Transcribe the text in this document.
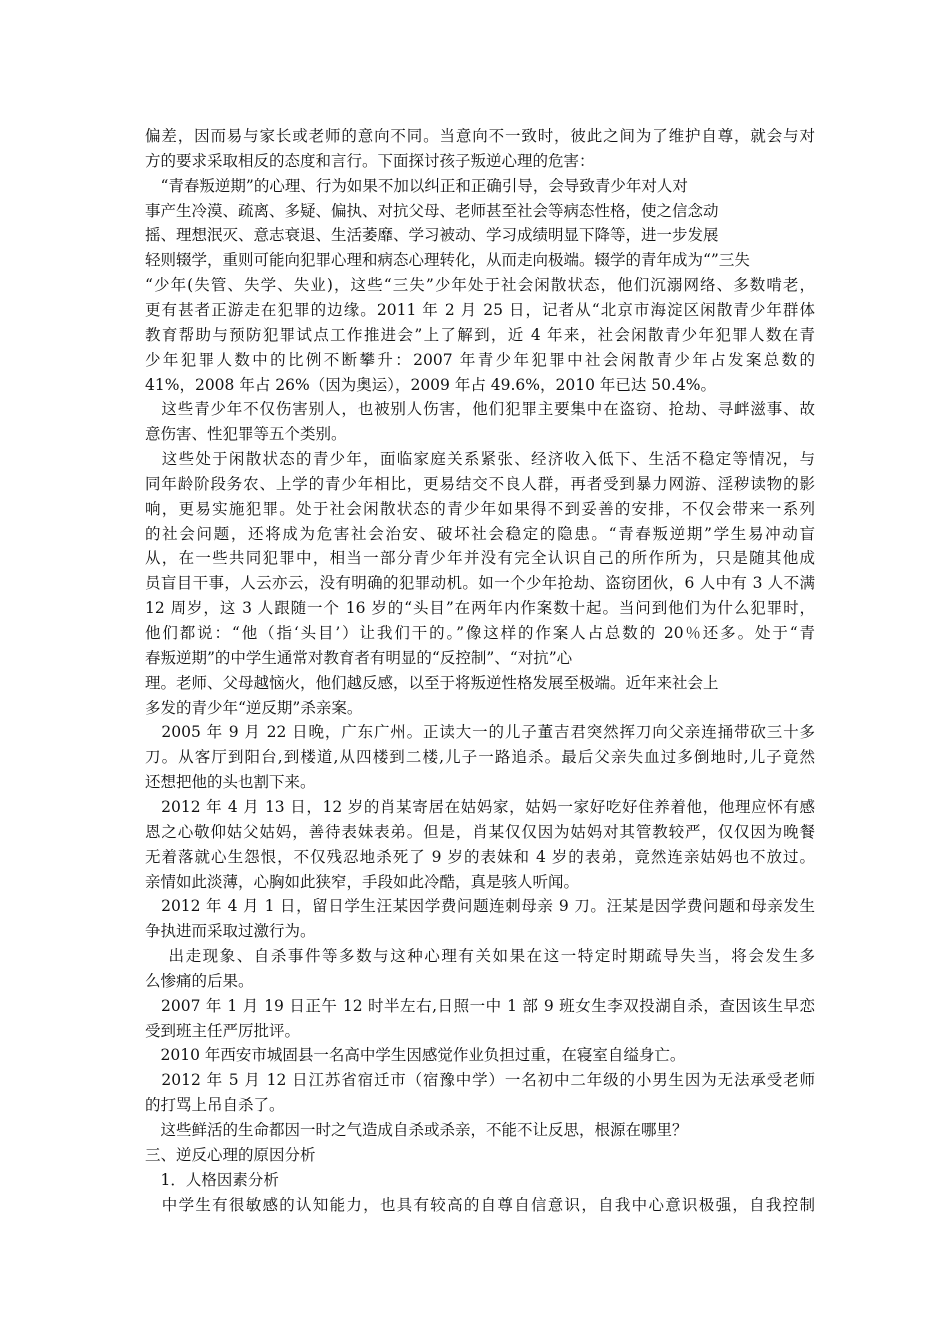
偏差，因而易与家长或老师的意向不同。当意向不一致时，彼此之间为了维护自尊，就会与对
方的要求采取相反的态度和言行。下面探讨孩子叛逆心理的危害：
　“青春叛逆期”的心理、行为如果不加以纠正和正确引导，会导致青少年对人对
事产生冷漠、疏离、多疑、偏执、对抗父母、老师甚至社会等病态性格，使之信念动
摇、理想泯灭、意志衰退、生活萎靡、学习被动、学习成绩明显下降等，进一步发展
轻则辍学，重则可能向犯罪心理和病态心理转化，从而走向极端。辍学的青年成为“”三失
“少年(失管、失学、失业)，这些“三失”少年处于社会闲散状态，他们沉溺网络、多数啃老，
更有甚者正游走在犯罪的边缘。2011 年 2 月 25 日，记者从“北京市海淀区闲散青少年群体
教育帮助与预防犯罪试点工作推进会”上了解到，近 4 年来，社会闲散青少年犯罪人数在青
少年犯罪人数中的比例不断攀升：2007 年青少年犯罪中社会闲散青少年占发案总数的
41%，2008 年占 26%（因为奥运），2009 年占 49.6%，2010 年已达 50.4%。
　这些青少年不仅伤害别人，也被别人伤害，他们犯罪主要集中在盗窃、抢劫、寻衅滋事、故
意伤害、性犯罪等五个类别。
　这些处于闲散状态的青少年，面临家庭关系紧张、经济收入低下、生活不稳定等情况，与
同年龄阶段务农、上学的青少年相比，更易结交不良人群，再者受到暴力网游、淫秽读物的影
响，更易实施犯罪。处于社会闲散状态的青少年如果得不到妥善的安排，不仅会带来一系列
的社会问题，还将成为危害社会治安、破坏社会稳定的隐患。“青春叛逆期”学生易冲动盲
从，在一些共同犯罪中，相当一部分青少年并没有完全认识自己的所作所为，只是随其他成
员盲目干事，人云亦云，没有明确的犯罪动机。如一个少年抢劫、盗窃团伙，6 人中有 3 人不满
12 周岁，这 3 人跟随一个 16 岁的“头目”在两年内作案数十起。当问到他们为什么犯罪时，
他们都说：“他（指‘头目’）让我们干的。”像这样的作案人占总数的 20％还多。处于“青
春叛逆期”的中学生通常对教育者有明显的“反控制”、“对抗”心
理。老师、父母越恼火，他们越反感，以至于将叛逆性格发展至极端。近年来社会上
多发的青少年“逆反期”杀亲案。
　2005 年 9 月 22 日晚，广东广州。正读大一的儿子董吉君突然挥刀向父亲连捅带砍三十多
刀。从客厅到阳台,到楼道,从四楼到二楼,儿子一路追杀。最后父亲失血过多倒地时,儿子竟然
还想把他的头也割下来。
　2012 年 4 月 13 日，12 岁的肖某寄居在姑妈家，姑妈一家好吃好住养着他，他理应怀有感
恩之心敬仰姑父姑妈，善待表妹表弟。但是，肖某仅仅因为姑妈对其管教较严，仅仅因为晚餐
无着落就心生怨恨，不仅残忍地杀死了 9 岁的表妹和 4 岁的表弟，竟然连亲姑妈也不放过。
亲情如此淡薄，心胸如此狭窄，手段如此冷酷，真是骇人听闻。
　2012 年 4 月 1 日，留日学生汪某因学费问题连刺母亲 9 刀。汪某是因学费问题和母亲发生
争执进而采取过激行为。
　 出走现象、自杀事件等多数与这种心理有关如果在这一特定时期疏导失当，将会发生多
么惨痛的后果。
　2007 年 1 月 19 日正午 12 时半左右,日照一中 1 部 9 班女生李双投湖自杀，查因该生早恋
受到班主任严厉批评。
　2010 年西安市城固县一名高中学生因感觉作业负担过重，在寝室自缢身亡。
　2012 年 5 月 12 日江苏省宿迁市（宿豫中学）一名初中二年级的小男生因为无法承受老师
的打骂上吊自杀了。
　这些鲜活的生命都因一时之气造成自杀或杀亲，不能不让反思，根源在哪里？
三、逆反心理的原因分析
　1．人格因素分析
　中学生有很敏感的认知能力，也具有较高的自尊自信意识，自我中心意识极强，自我控制
